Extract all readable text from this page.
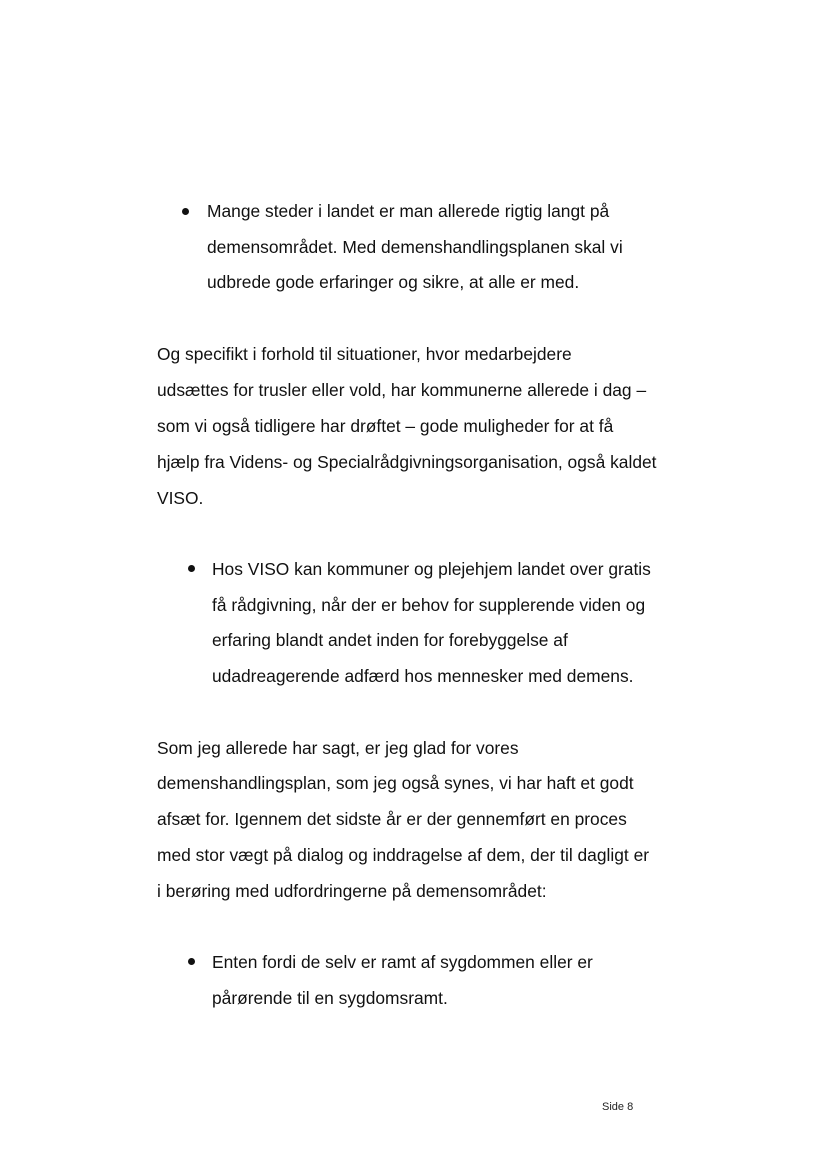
Mange steder i landet er man allerede rigtig langt på
demensområdet. Med demenshandlingsplanen skal vi
udbrede gode erfaringer og sikre, at alle er med.
Og specifikt i forhold til situationer, hvor medarbejdere
udsættes for trusler eller vold, har kommunerne allerede i dag –
som vi også tidligere har drøftet – gode muligheder for at få
hjælp fra Videns- og Specialrådgivningsorganisation, også kaldet
VISO.
Hos VISO kan kommuner og plejehjem landet over gratis
få rådgivning, når der er behov for supplerende viden og
erfaring blandt andet inden for forebyggelse af
udadreagerende adfærd hos mennesker med demens.
Som jeg allerede har sagt, er jeg glad for vores
demenshandlingsplan, som jeg også synes, vi har haft et godt
afsæt for. Igennem det sidste år er der gennemført en proces
med stor vægt på dialog og inddragelse af dem, der til dagligt er
i berøring med udfordringerne på demensområdet:
Enten fordi de selv er ramt af sygdommen eller er
pårørende til en sygdomsramt.
Side 8
